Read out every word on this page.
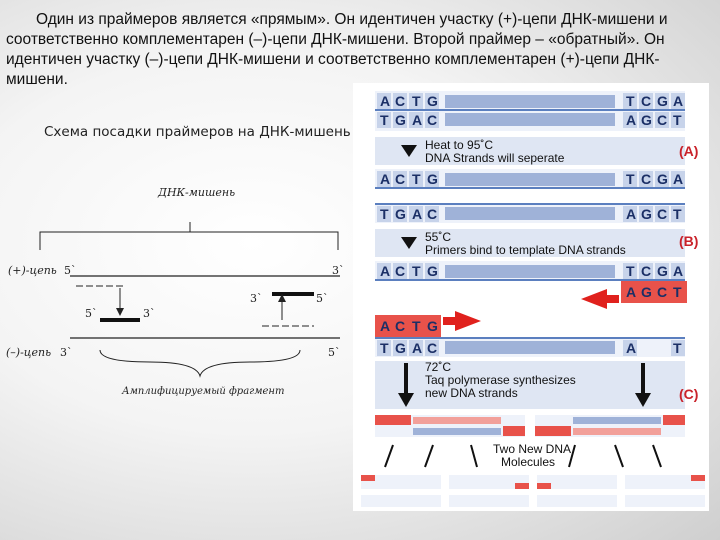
Один из праймеров является «прямым». Он идентичен участку (+)-цепи ДНК-мишени и соответственно комплементарен (–)-цепи ДНК-мишени. Второй праймер – «обратный». Он идентичен участку (–)-цепи ДНК-мишени и соответственно комплементарен (+)-цепи ДНК-мишени.

Схема посадки праймеров на ДНК-мишень
ДНК-мишень
(+)-цепь 5`	3`
5`	3`
3`	5`
(–)-цепь 3`	5`
Амплифицируемый фрагмент
A C T G
T G A C
T C G A
A G C T
Heat to 95˚C
DNA Strands will seperate	(A)
A C T G	T C G A
T G A C	A G C T
55˚C
Primers bind to template DNA strands
(B)
A C T G	T C G A
A G C T
A C T G
T G A C	A	T
72˚C
Taq polymerase synthesizes
new DNA strands	(C)
Two New DNA
Molecules
